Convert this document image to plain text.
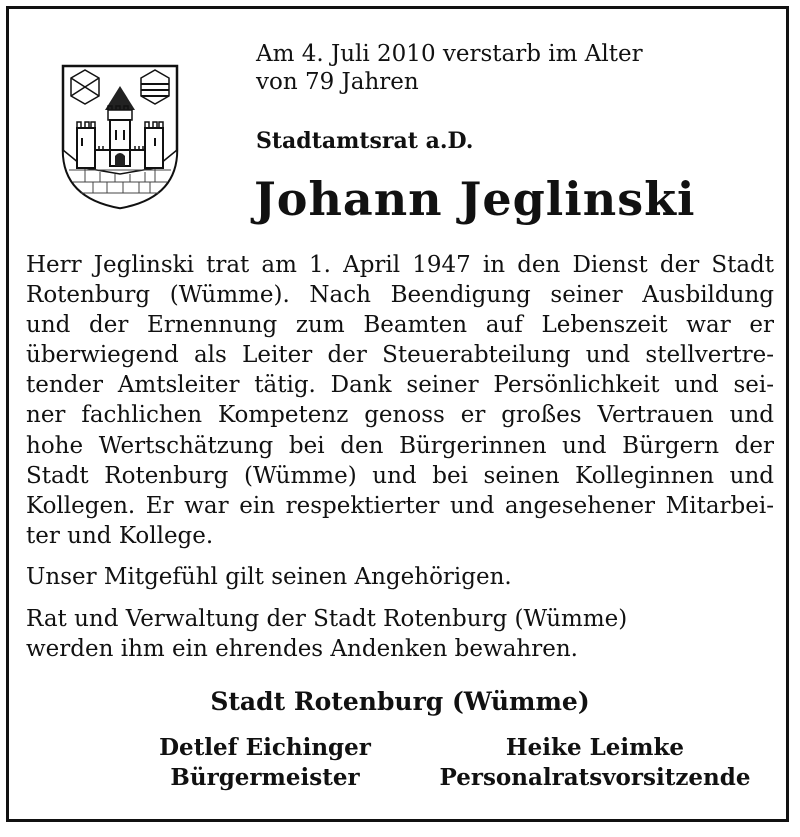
Am 4. Juli 2010 verstarb im Alter

von 79 Jahren

Stadtamtsrat a.D.

Johann Jeglinski
Herr Jeglinski trat am 1. April 1947 in den Dienst der Stadt
Rotenburg (Wümme). Nach Beendigung seiner Ausbildung
und der Ernennung zum Beamten auf Lebenszeit war er
überwiegend als Leiter der Steuerabteilung und stellvertre-
tender Amtsleiter tätig. Dank seiner Persönlichkeit und sei-
ner fachlichen Kompetenz genoss er großes Vertrauen und
hohe Wertschätzung bei den Bürgerinnen und Bürgern der
Stadt Rotenburg (Wümme) und bei seinen Kolleginnen und
Kollegen. Er war ein respektierter und angesehener Mitarbei-
ter und Kollege.
Unser Mitgefühl gilt seinen Angehörigen.
Rat und Verwaltung der Stadt Rotenburg (Wümme)
werden ihm ein ehrendes Andenken bewahren.
Stadt Rotenburg (Wümme)
Detlef Eichinger
Bürgermeister
Heike Leimke
Personalratsvorsitzende
